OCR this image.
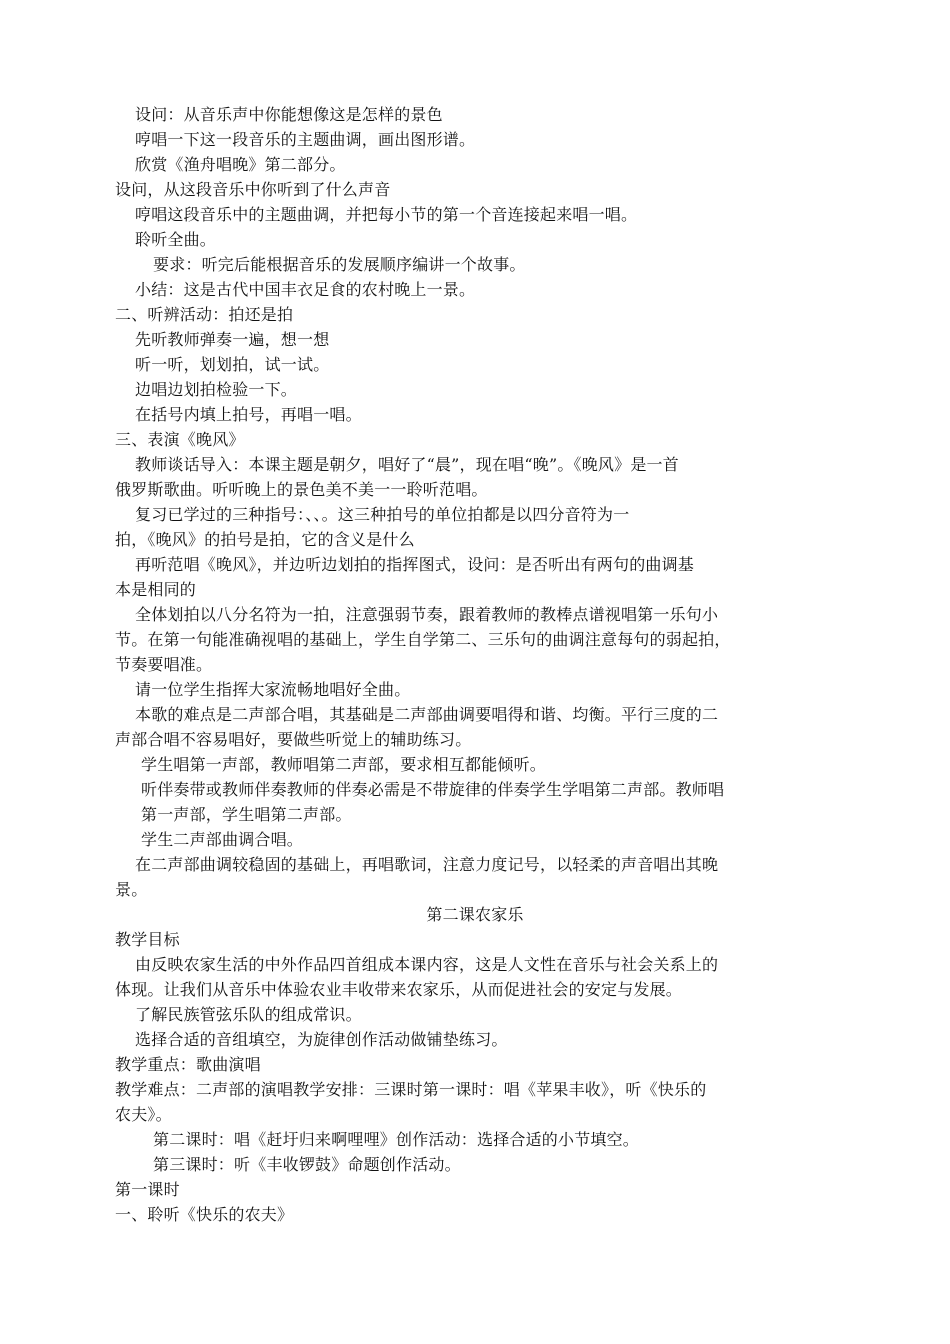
设问：从音乐声中你能想像这是怎样的景色
哼唱一下这一段音乐的主题曲调，画出图形谱。
欣赏《渔舟唱晚》第二部分。
设问，从这段音乐中你听到了什么声音
哼唱这段音乐中的主题曲调，并把每小节的第一个音连接起来唱一唱。
聆听全曲。
要求：听完后能根据音乐的发展顺序编讲一个故事。
小结：这是古代中国丰衣足食的农村晚上一景。
二、听辨活动：拍还是拍
先听教师弹奏一遍，想一想
听一听，划划拍，试一试。
边唱边划拍检验一下。
在括号内填上拍号，再唱一唱。
三、表演《晚风》
教师谈话导入：本课主题是朝夕，唱好了“晨”，现在唱“晚”。《晚风》是一首
俄罗斯歌曲。听听晚上的景色美不美一一聆听范唱。
复习已学过的三种指号：、、。这三种拍号的单位拍都是以四分音符为一
拍，《晚风》的拍号是拍，它的含义是什么
再听范唱《晚风》，并边听边划拍的指挥图式，设问：是否听出有两句的曲调基
本是相同的
全体划拍以八分名符为一拍，注意强弱节奏，跟着教师的教棒点谱视唱第一乐句小
节。在第一句能准确视唱的基础上，学生自学第二、三乐句的曲调注意每句的弱起拍，
节奏要唱准。
请一位学生指挥大家流畅地唱好全曲。
本歌的难点是二声部合唱，其基础是二声部曲调要唱得和谐、均衡。平行三度的二
声部合唱不容易唱好，要做些听觉上的辅助练习。
学生唱第一声部，教师唱第二声部，要求相互都能倾听。
听伴奏带或教师伴奏教师的伴奏必需是不带旋律的伴奏学生学唱第二声部。教师唱
第一声部，学生唱第二声部。
学生二声部曲调合唱。
在二声部曲调较稳固的基础上，再唱歌词，注意力度记号，以轻柔的声音唱出其晚
景。
第二课农家乐
教学目标
由反映农家生活的中外作品四首组成本课内容，这是人文性在音乐与社会关系上的
体现。让我们从音乐中体验农业丰收带来农家乐，从而促进社会的安定与发展。
了解民族管弦乐队的组成常识。
选择合适的音组填空，为旋律创作活动做铺垫练习。
教学重点：歌曲演唱
教学难点：二声部的演唱教学安排：三课时第一课时：唱《苹果丰收》，听《快乐的
农夫》。
第二课时：唱《赶圩归来啊哩哩》创作活动：选择合适的小节填空。
第三课时：听《丰收锣鼓》命题创作活动。
第一课时
一、聆听《快乐的农夫》
